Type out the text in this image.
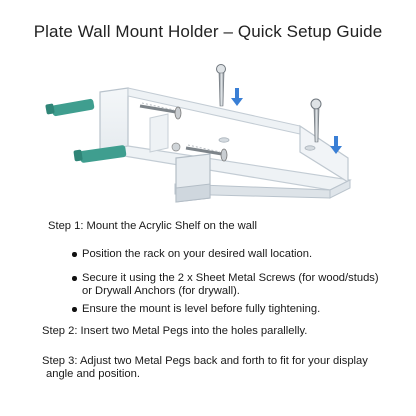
Plate Wall Mount Holder – Quick Setup Guide
Step 1: Mount the Acrylic Shelf on the wall
Position the rack on your desired wall location.
Secure it using the 2 x Sheet Metal Screws (for wood/studs)
or Drywall Anchors (for drywall).
Ensure the mount is level before fully tightening.
Step 2: Insert two Metal Pegs into the holes parallelly.
Step 3: Adjust two Metal Pegs back and forth to fit for your display
angle and position.
